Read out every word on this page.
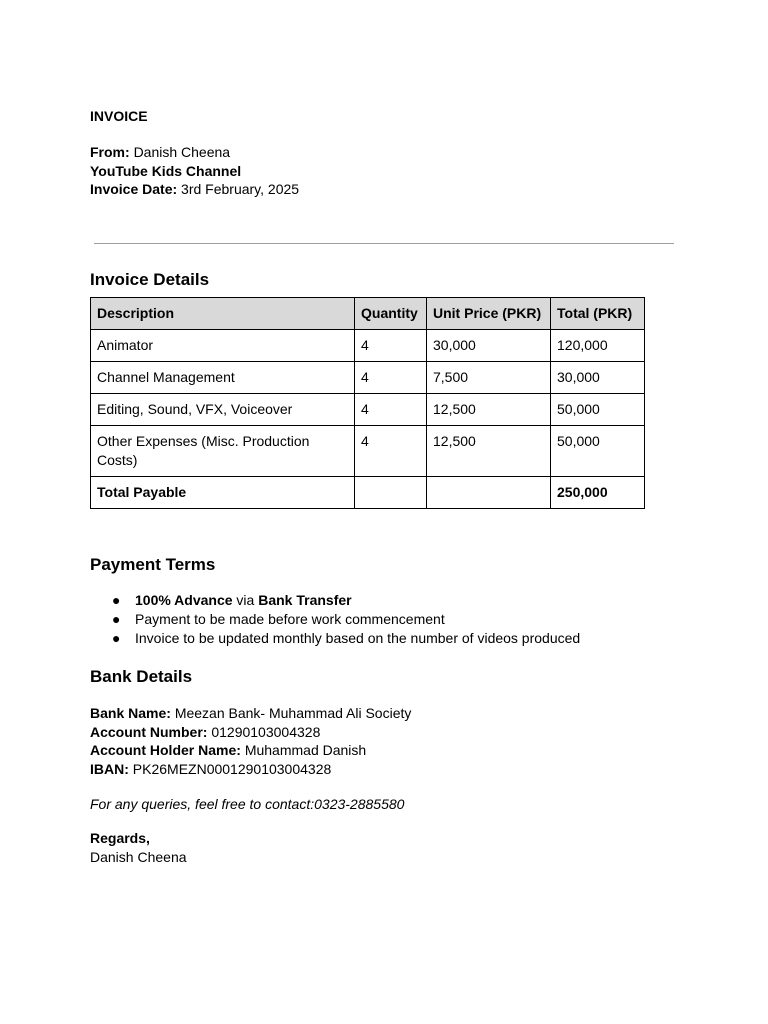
INVOICE
From: Danish Cheena
YouTube Kids Channel
Invoice Date: 3rd February, 2025
Invoice Details
Description	Quantity	Unit Price (PKR)	Total (PKR)
Animator	4	30,000	120,000
Channel Management	4	7,500	30,000
Editing, Sound, VFX, Voiceover	4	12,500	50,000
Other Expenses (Misc. Production Costs)	4	12,500	50,000
Total Payable			250,000
Payment Terms
● 100% Advance via Bank Transfer
● Payment to be made before work commencement
● Invoice to be updated monthly based on the number of videos produced
Bank Details
Bank Name: Meezan Bank- Muhammad Ali Society
Account Number: 01290103004328
Account Holder Name: Muhammad Danish
IBAN: PK26MEZN0001290103004328
For any queries, feel free to contact:0323-2885580
Regards,
Danish Cheena
